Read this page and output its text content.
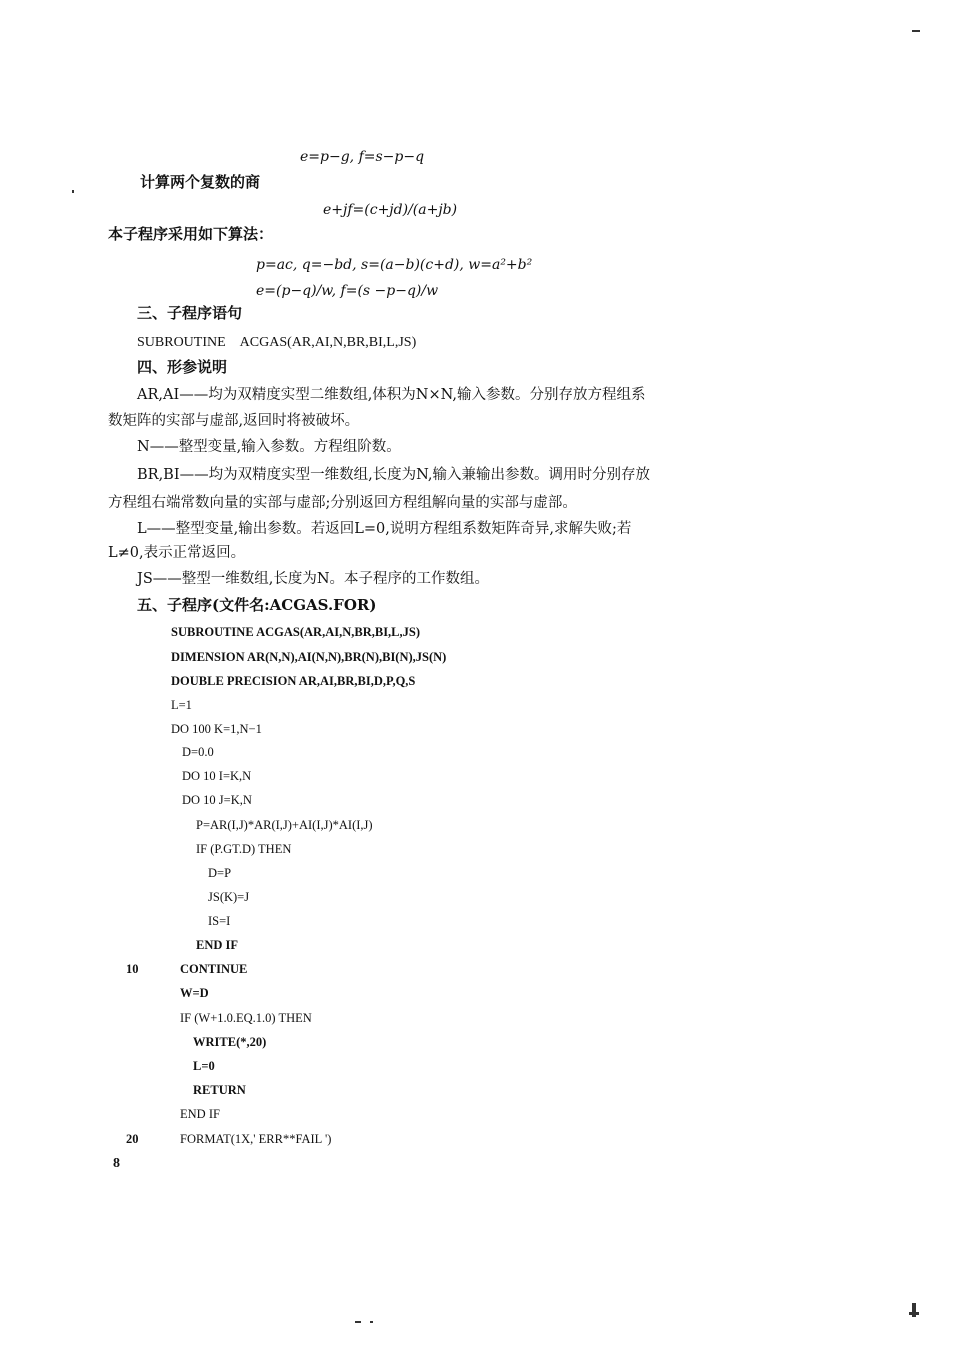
e=p−g, f=s−p−q
计算两个复数的商
e+jf=(c+jd)/(a+jb)
本子程序采用如下算法：
p=ac, q=−bd, s=(a−b)(c+d), w=a²+b²
e=(p−q)/w, f=(s −p−q)/w
三、子程序语句
SUBROUTINE　ACGAS(AR,AI,N,BR,BI,L,JS)
四、形参说明
AR,AI——均为双精度实型二维数组,体积为N×N,输入参数。分别存放方程组系
数矩阵的实部与虚部,返回时将被破坏。
N——整型变量,输入参数。方程组阶数。
BR,BI——均为双精度实型一维数组,长度为N,输入兼输出参数。调用时分别存放
方程组右端常数向量的实部与虚部;分别返回方程组解向量的实部与虚部。
L——整型变量,输出参数。若返回L=0,说明方程组系数矩阵奇异,求解失败;若
L≠0,表示正常返回。
JS——整型一维数组,长度为N。本子程序的工作数组。
五、子程序(文件名:ACGAS.FOR)
SUBROUTINE ACGAS(AR,AI,N,BR,BI,L,JS)
DIMENSION AR(N,N),AI(N,N),BR(N),BI(N),JS(N)
DOUBLE PRECISION AR,AI,BR,BI,D,P,Q,S
L=1
DO 100 K=1,N−1
D=0.0
DO 10 I=K,N
DO 10 J=K,N
P=AR(I,J)*AR(I,J)+AI(I,J)*AI(I,J)
IF (P.GT.D) THEN
D=P
JS(K)=J
IS=I
END IF
10	CONTINUE
W=D
IF (W+1.0.EQ.1.0) THEN
WRITE(*,20)
L=0
RETURN
END IF
20	FORMAT(1X,' ERR**FAIL ')
8
